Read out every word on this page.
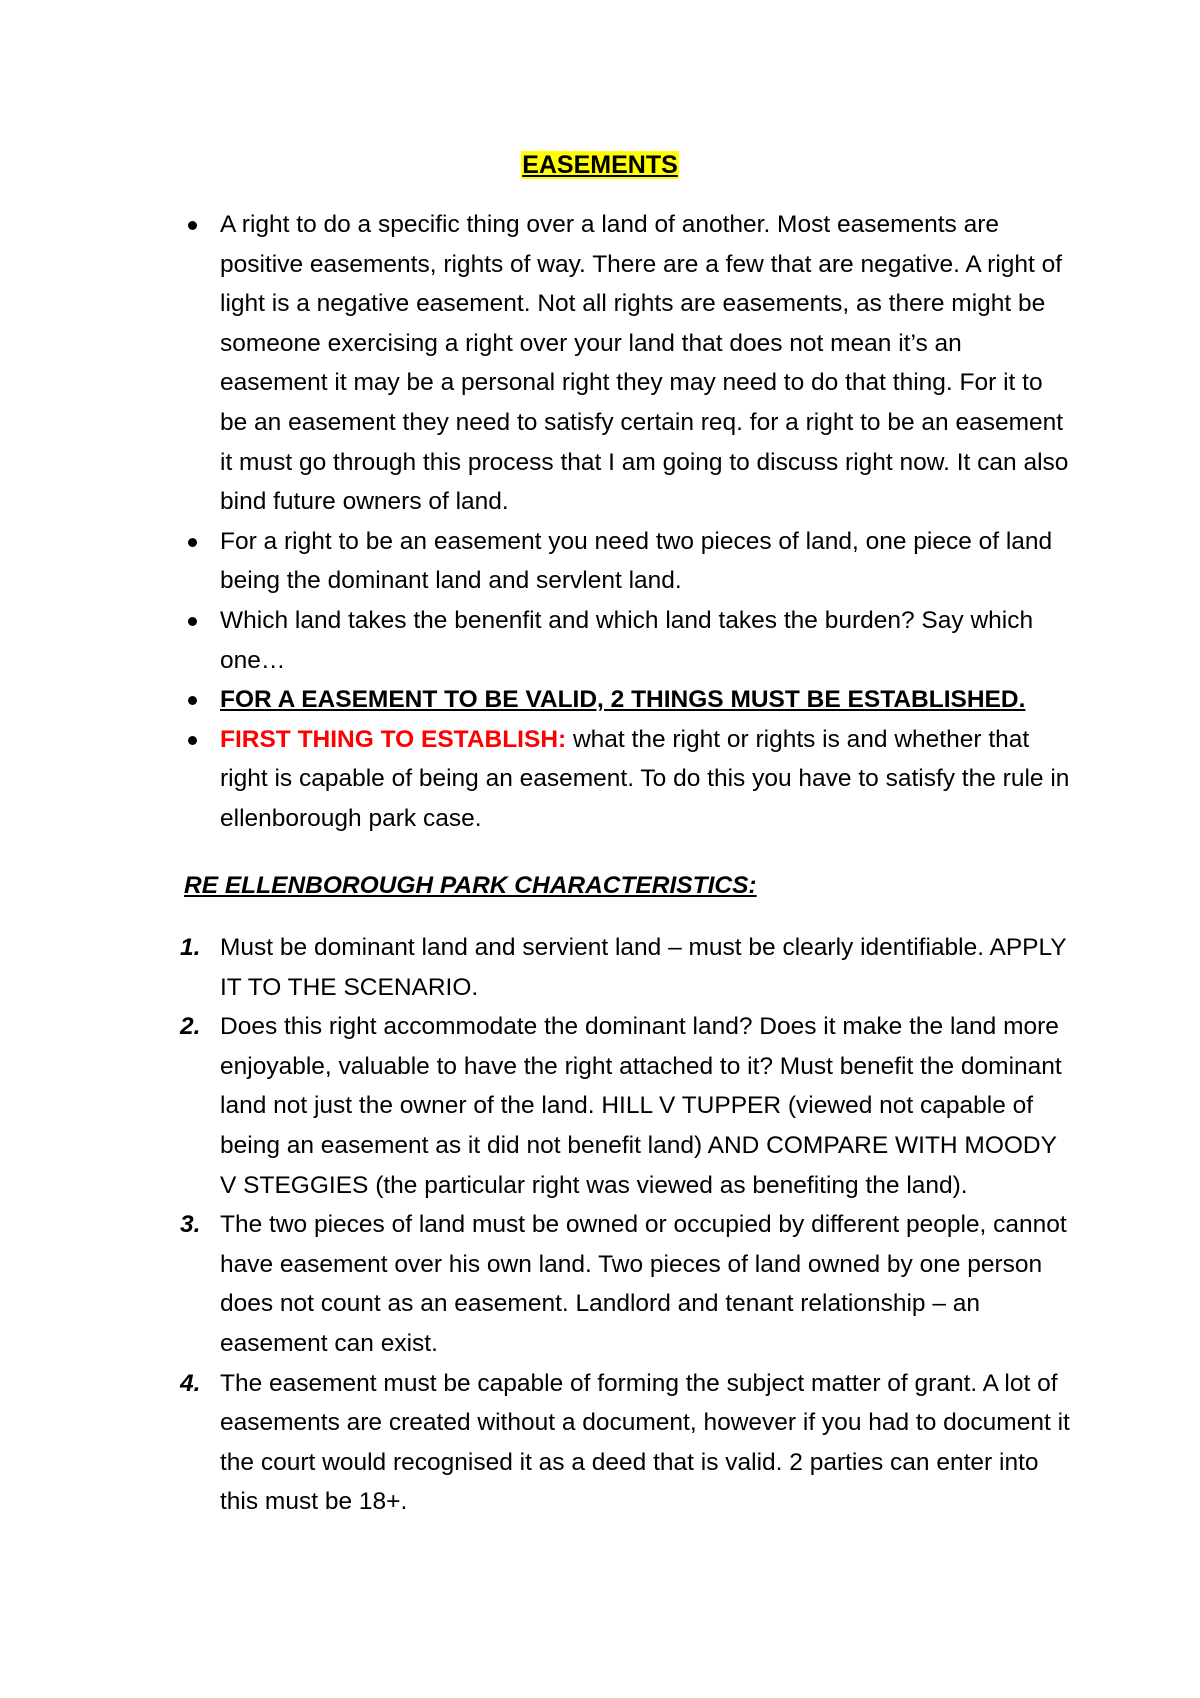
EASEMENTS
A right to do a specific thing over a land of another. Most easements are positive easements, rights of way. There are a few that are negative. A right of light is a negative easement. Not all rights are easements, as there might be someone exercising a right over your land that does not mean it’s an easement it may be a personal right they may need to do that thing. For it to be an easement they need to satisfy certain req. for a right to be an easement it must go through this process that I am going to discuss right now. It can also bind future owners of land.
For a right to be an easement you need two pieces of land, one piece of land being the dominant land and servlent land.
Which land takes the benenfit and which land takes the burden? Say which one…
FOR A EASEMENT TO BE VALID, 2 THINGS MUST BE ESTABLISHED.
FIRST THING TO ESTABLISH: what the right or rights is and whether that right is capable of being an easement. To do this you have to satisfy the rule in ellenborough park case.
RE ELLENBOROUGH PARK CHARACTERISTICS:
1. Must be dominant land and servient land – must be clearly identifiable. APPLY IT TO THE SCENARIO.
2. Does this right accommodate the dominant land? Does it make the land more enjoyable, valuable to have the right attached to it? Must benefit the dominant land not just the owner of the land. HILL V TUPPER (viewed not capable of being an easement as it did not benefit land) AND COMPARE WITH MOODY V STEGGIES (the particular right was viewed as benefiting the land).
3. The two pieces of land must be owned or occupied by different people, cannot have easement over his own land. Two pieces of land owned by one person does not count as an easement. Landlord and tenant relationship – an easement can exist.
4. The easement must be capable of forming the subject matter of grant. A lot of easements are created without a document, however if you had to document it the court would recognised it as a deed that is valid. 2 parties can enter into this must be 18+.
